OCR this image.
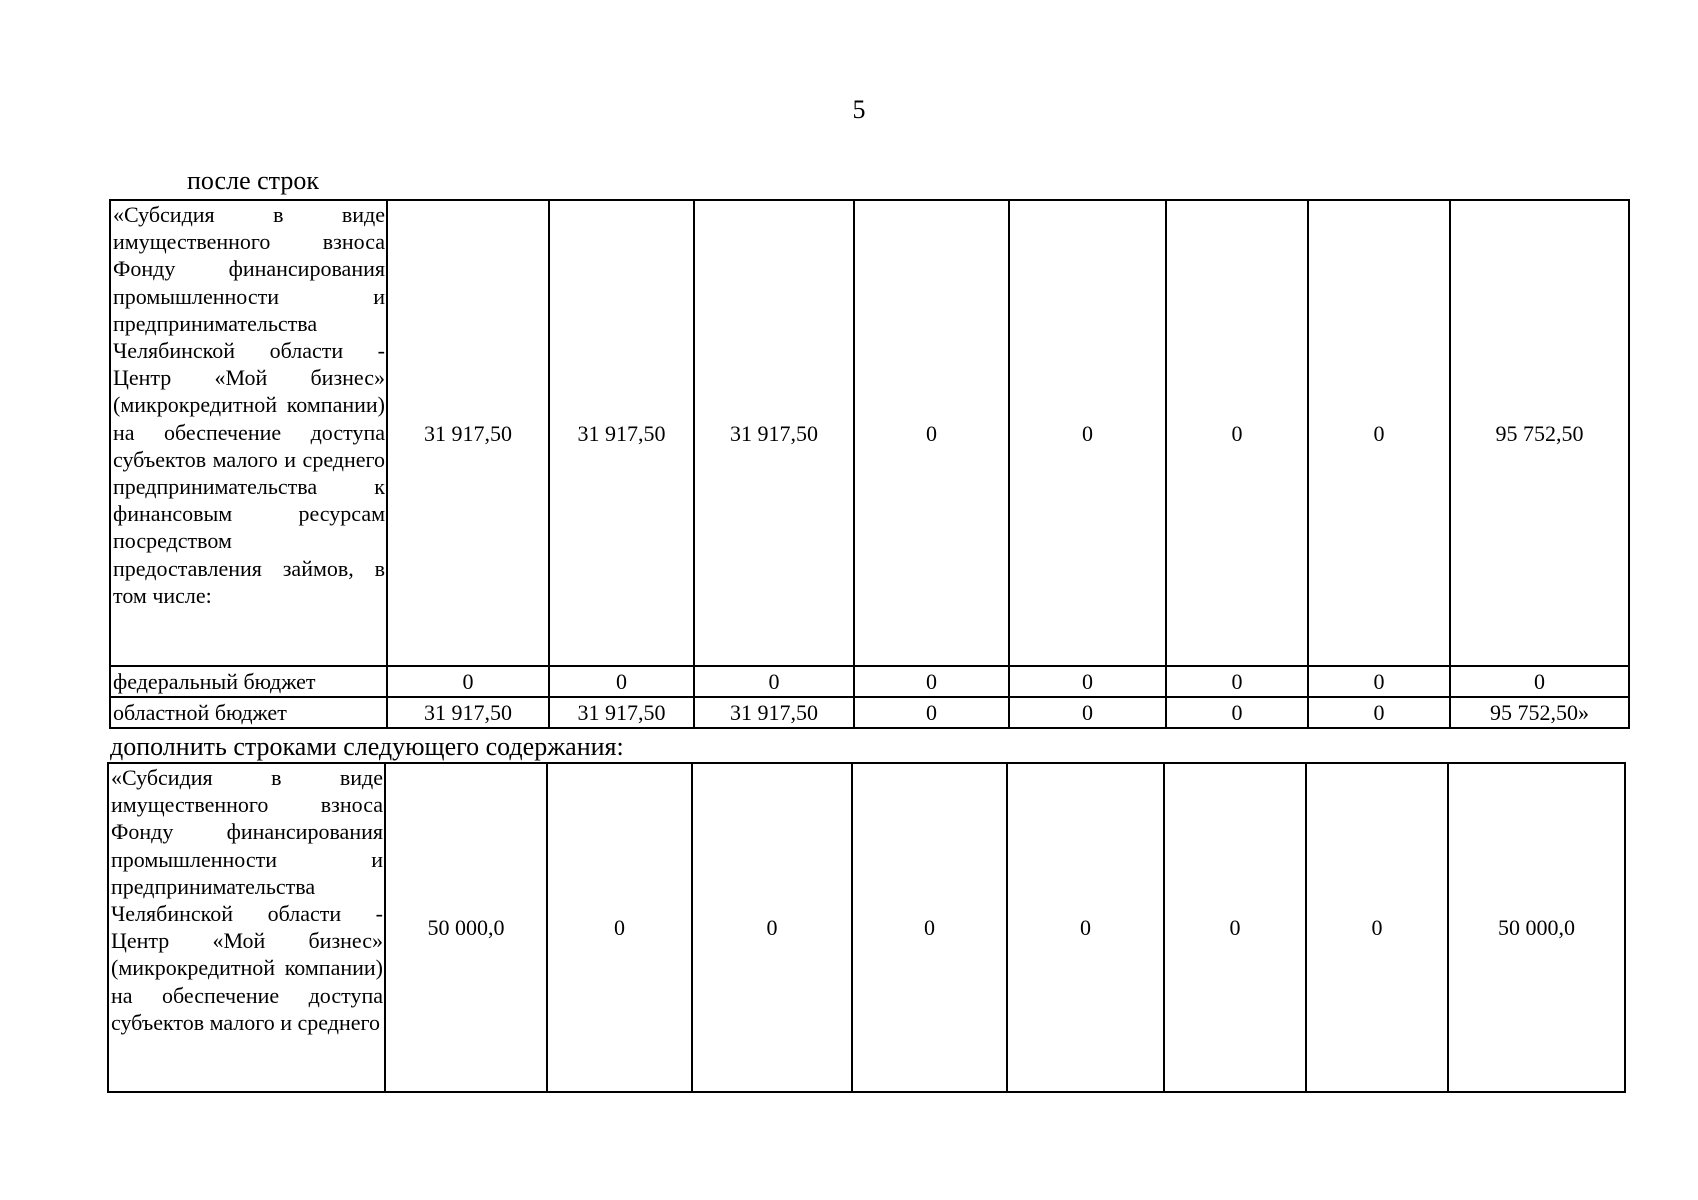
5
после строк
«Субсидия в виде имущественного взноса Фонду финансирования промышленности и предпринимательства Челябинской области - Центр «Мой бизнес» (микрокредитной компании) на обеспечение доступа субъектов малого и среднего предпринимательства к финансовым ресурсам посредством предоставления займов, в том числе:	31 917,50	31 917,50	31 917,50	0	0	0	0	95 752,50
федеральный бюджет	0	0	0	0	0	0	0	0
областной бюджет	31 917,50	31 917,50	31 917,50	0	0	0	0	95 752,50»
дополнить строками следующего содержания:
«Субсидия в виде имущественного взноса Фонду финансирования промышленности и предпринимательства Челябинской области - Центр «Мой бизнес» (микрокредитной компании) на обеспечение доступа субъектов малого и среднего	50 000,0	0	0	0	0	0	0	50 000,0
